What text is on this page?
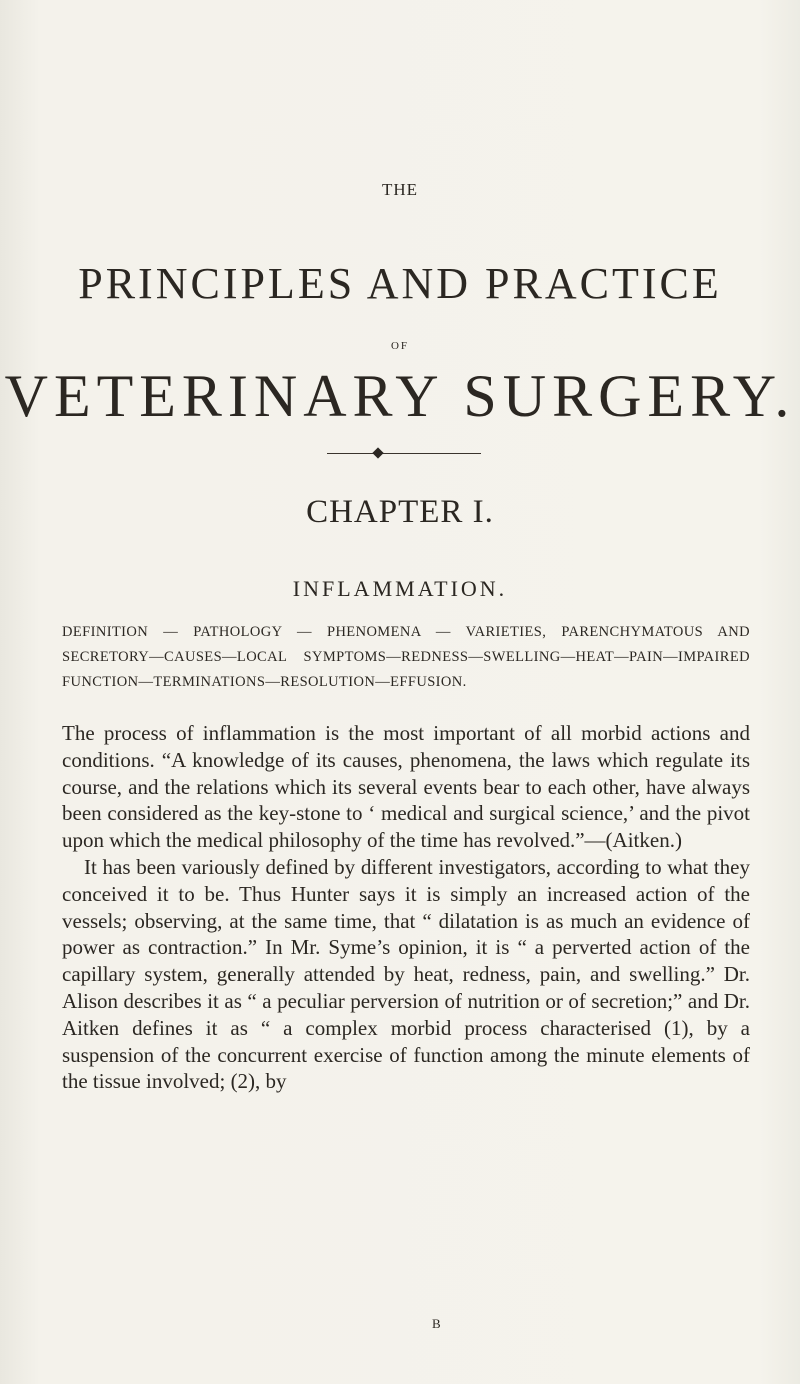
THE
PRINCIPLES AND PRACTICE
OF
VETERINARY SURGERY.
CHAPTER I.
INFLAMMATION.
DEFINITION — PATHOLOGY — PHENOMENA — VARIETIES, PARENCHYMATOUS AND SECRETORY—CAUSES—LOCAL SYMPTOMS—REDNESS—SWELLING—HEAT—PAIN—IMPAIRED FUNCTION—TERMINATIONS—RESOLUTION—EFFUSION.

The process of inflammation is the most important of all morbid actions and conditions. “A knowledge of its causes, phenomena, the laws which regulate its course, and the relations which its several events bear to each other, have always been considered as the key-stone to ‘ medical and surgical science,’ and the pivot upon which the medical philosophy of the time has revolved.”—(Aitken.)

It has been variously defined by different investigators, according to what they conceived it to be. Thus Hunter says it is simply an increased action of the vessels; observing, at the same time, that “ dilatation is as much an evidence of power as contraction.” In Mr. Syme’s opinion, it is “ a perverted action of the capillary system, generally attended by heat, redness, pain, and swelling.” Dr. Alison describes it as “ a peculiar perversion of nutrition or of secretion;” and Dr. Aitken defines it as “ a complex morbid process characterised (1), by a suspension of the concurrent exercise of function among the minute elements of the tissue involved; (2), by

B
